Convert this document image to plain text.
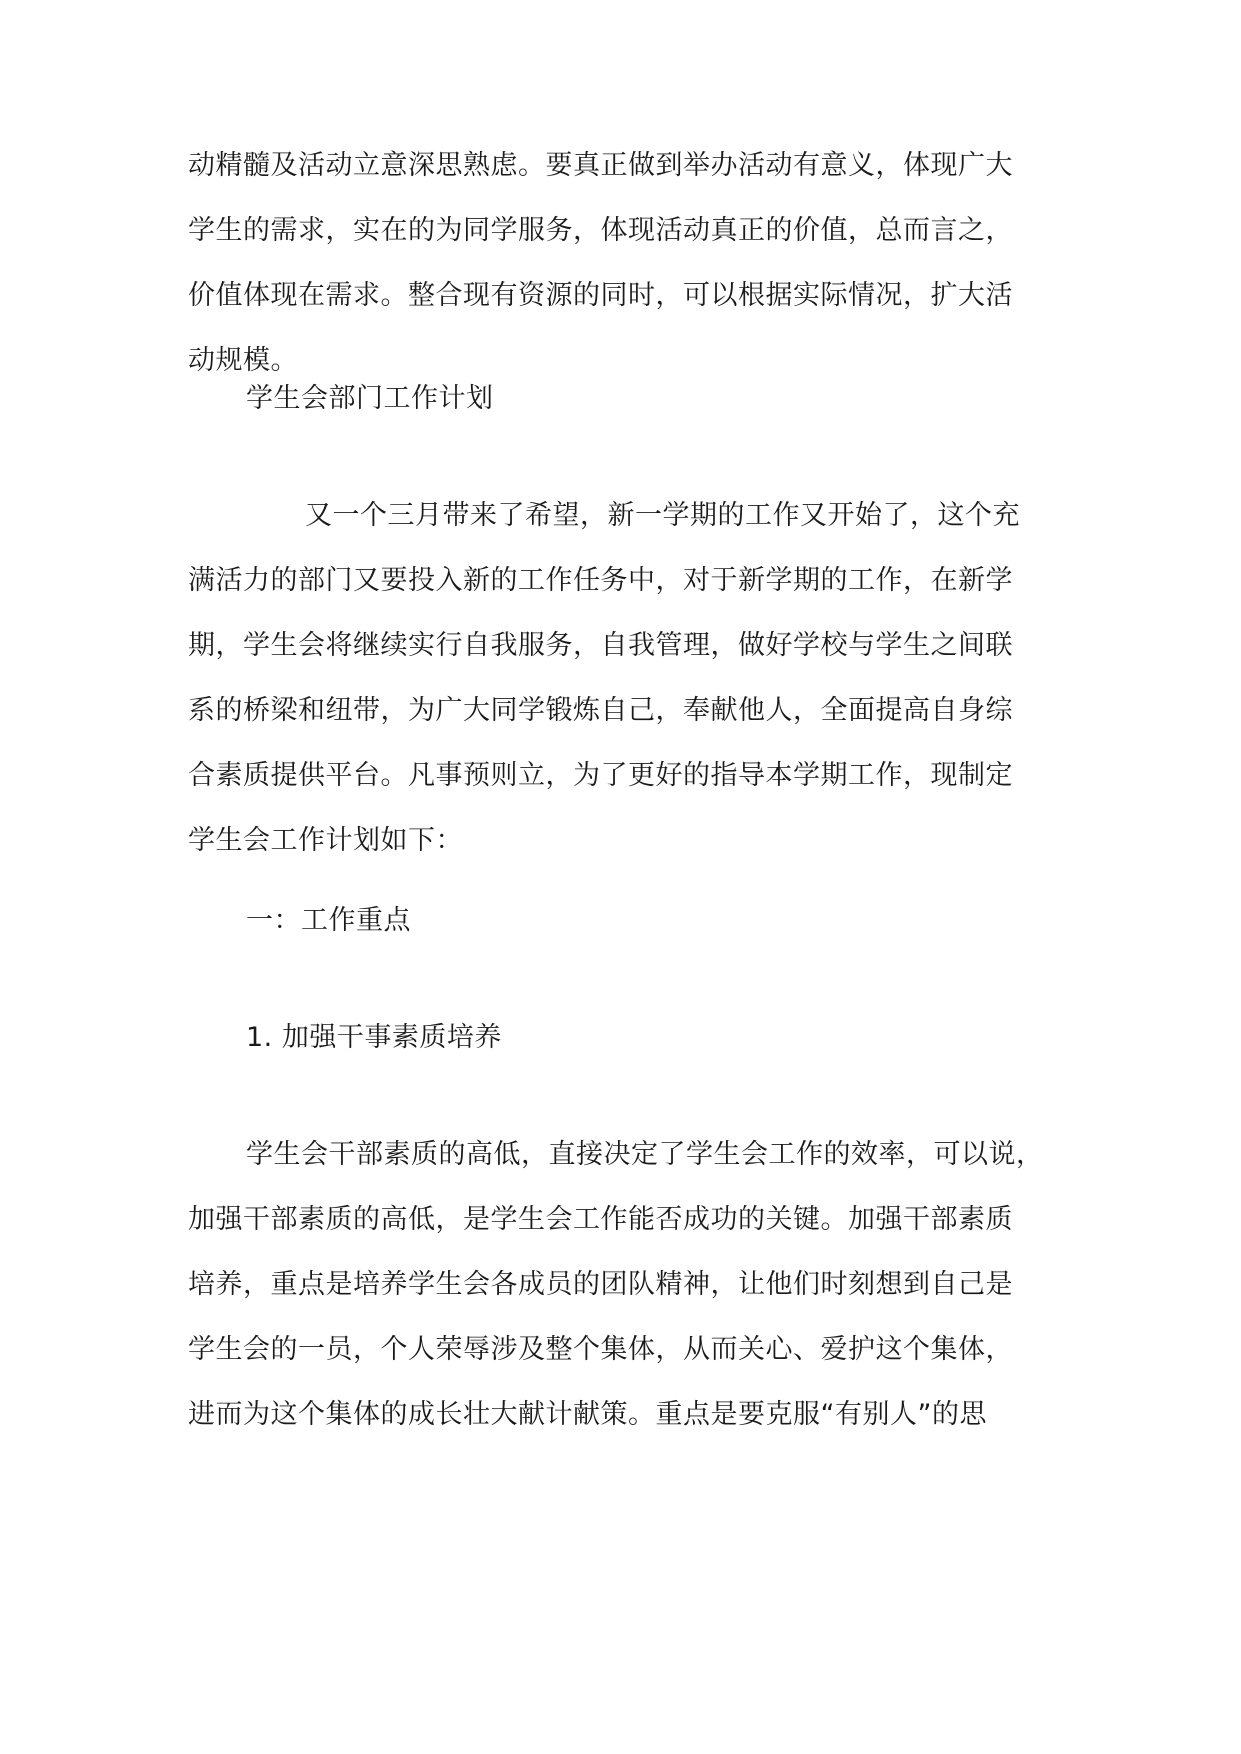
动精髓及活动立意深思熟虑。要真正做到举办活动有意义，体现广大
学生的需求，实在的为同学服务，体现活动真正的价值，总而言之，
价值体现在需求。整合现有资源的同时，可以根据实际情况，扩大活
动规模。
学生会部门工作计划
又一个三月带来了希望，新一学期的工作又开始了，这个充
满活力的部门又要投入新的工作任务中，对于新学期的工作，在新学
期，学生会将继续实行自我服务，自我管理，做好学校与学生之间联
系的桥梁和纽带，为广大同学锻炼自己，奉献他人，全面提高自身综
合素质提供平台。凡事预则立，为了更好的指导本学期工作，现制定
学生会工作计划如下：
一：工作重点
1. 加强干事素质培养
学生会干部素质的高低，直接决定了学生会工作的效率，可以说，
加强干部素质的高低，是学生会工作能否成功的关键。加强干部素质
培养，重点是培养学生会各成员的团队精神，让他们时刻想到自己是
学生会的一员，个人荣辱涉及整个集体，从而关心、爱护这个集体，
进而为这个集体的成长壮大献计献策。重点是要克服“有别人”的思
